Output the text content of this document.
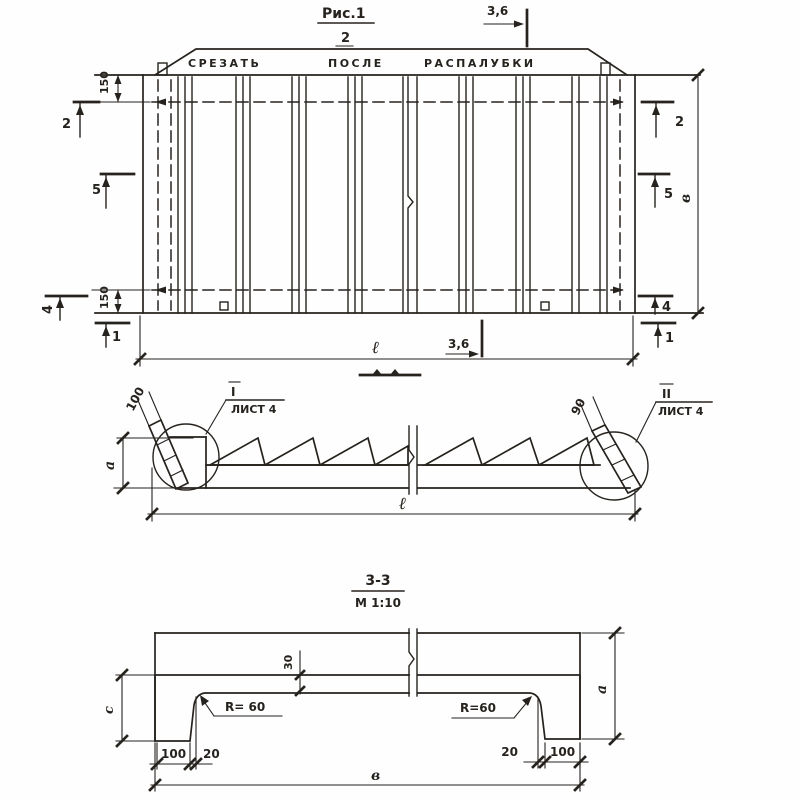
Рис.1	3,6
2
СРЕЗАТЬ	ПОСЛЕ	РАСПАЛУБКИ
150
150
2
5
4
1
2
5 в
4
1
ℓ	3,6
100	90
I
ЛИСТ 4
II
ЛИСТ 4
a
ℓ
3-3
М 1:10
30
R= 60	R=60
100 20	20	100
в
a
с
